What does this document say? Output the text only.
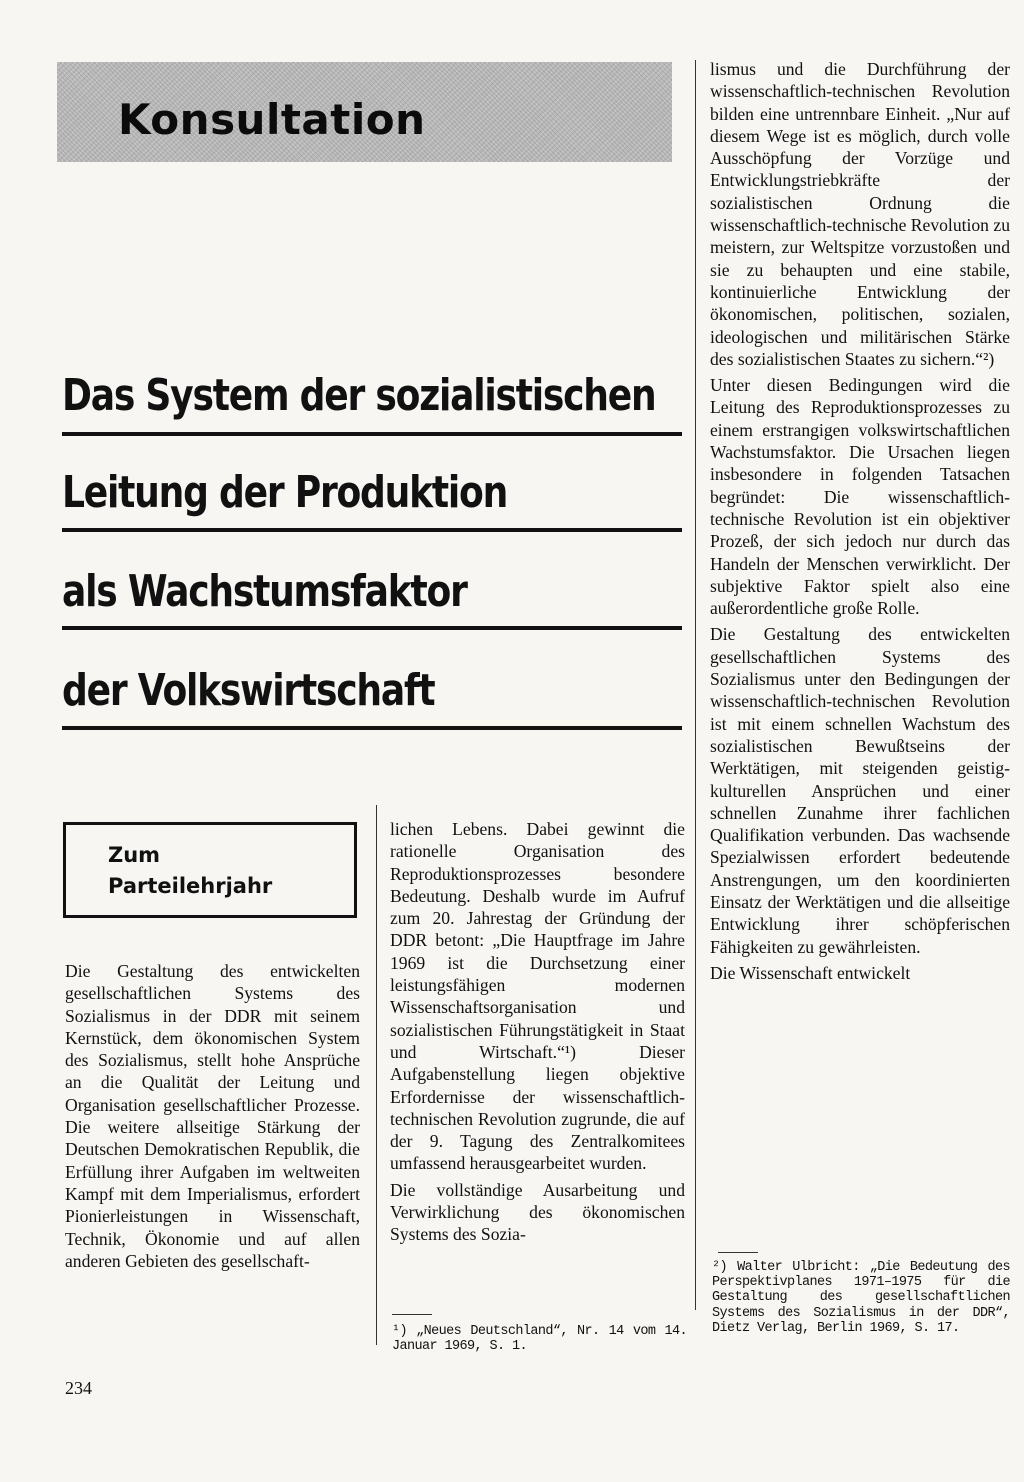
Konsultation
Das System der sozialistischen
Leitung der Produktion
als Wachstumsfaktor
der Volkswirtschaft
Zum
Parteilehrjahr

Die Gestaltung des entwickelten gesellschaftlichen Systems des Sozialismus in der DDR mit seinem Kernstück, dem ökonomischen System des Sozialismus, stellt hohe Ansprüche an die Qualität der Leitung und Organisation gesellschaftlicher Prozesse. Die weitere allseitige Stärkung der Deutschen Demokratischen Republik, die Erfüllung ihrer Aufgaben im weltweiten Kampf mit dem Imperialismus, erfordert Pionierleistungen in Wissenschaft, Technik, Ökonomie und auf allen anderen Gebieten des gesellschaft-

lichen Lebens. Dabei gewinnt die rationelle Organisation des Reproduktionsprozesses besondere Bedeutung. Deshalb wurde im Aufruf zum 20. Jahrestag der Gründung der DDR betont: „Die Hauptfrage im Jahre 1969 ist die Durchsetzung einer leistungsfähigen modernen Wissenschaftsorganisation und sozialistischen Führungstätigkeit in Staat und Wirtschaft.“¹) Dieser Aufgabenstellung liegen objektive Erfordernisse der wissenschaftlich-technischen Revolution zugrunde, die auf der 9. Tagung des Zentralkomitees umfassend herausgearbeitet wurden.

Die vollständige Ausarbeitung und Verwirklichung des ökonomischen Systems des Sozia-

¹) „Neues Deutschland“, Nr. 14 vom 14. Januar 1969, S. 1.

lismus und die Durchführung der wissenschaftlich-technischen Revolution bilden eine untrennbare Einheit. „Nur auf diesem Wege ist es möglich, durch volle Ausschöpfung der Vorzüge und Entwicklungstriebkräfte der sozialistischen Ordnung die wissenschaftlich-technische Revolution zu meistern, zur Weltspitze vorzustoßen und sie zu behaupten und eine stabile, kontinuierliche Entwicklung der ökonomischen, politischen, sozialen, ideologischen und militärischen Stärke des sozialistischen Staates zu sichern.“²)

Unter diesen Bedingungen wird die Leitung des Reproduktionsprozesses zu einem erstrangigen volkswirtschaftlichen Wachstumsfaktor. Die Ursachen liegen insbesondere in folgenden Tatsachen begründet: Die wissenschaftlich-technische Revolution ist ein objektiver Prozeß, der sich jedoch nur durch das Handeln der Menschen verwirklicht. Der subjektive Faktor spielt also eine außerordentliche große Rolle.

Die Gestaltung des entwickelten gesellschaftlichen Systems des Sozialismus unter den Bedingungen der wissenschaftlich-technischen Revolution ist mit einem schnellen Wachstum des sozialistischen Bewußtseins der Werktätigen, mit steigenden geistig-kulturellen Ansprüchen und einer schnellen Zunahme ihrer fachlichen Qualifikation verbunden. Das wachsende Spezialwissen erfordert bedeutende Anstrengungen, um den koordinierten Einsatz der Werktätigen und die allseitige Entwicklung ihrer schöpferischen Fähigkeiten zu gewährleisten.

Die Wissenschaft entwickelt

²) Walter Ulbricht: „Die Bedeutung des Perspektivplanes 1971–1975 für die Gestaltung des gesellschaftlichen Systems des Sozialismus in der DDR“, Dietz Verlag, Berlin 1969, S. 17.
234
